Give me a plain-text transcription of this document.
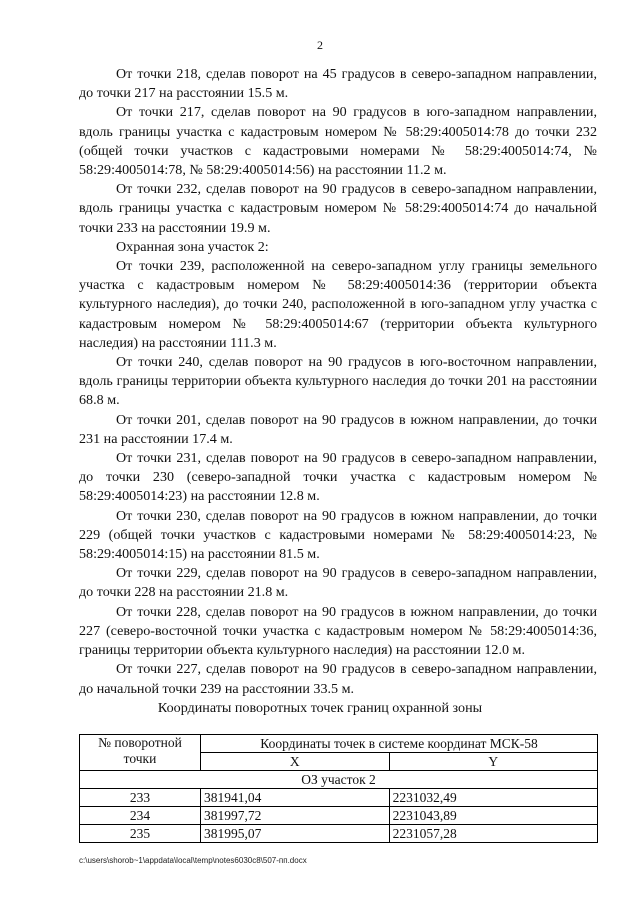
2

От точки 218, сделав поворот на 45 градусов в северо-западном направлении, до точки 217 на расстоянии 15.5 м.

От точки 217, сделав поворот на 90 градусов в юго-западном направлении, вдоль границы участка с кадастровым номером № 58:29:4005014:78 до точки 232 (общей точки участков с кадастровыми номерами № 58:29:4005014:74, № 58:29:4005014:78, № 58:29:4005014:56) на расстоянии 11.2 м.

От точки 232, сделав поворот на 90 градусов в северо-западном направлении, вдоль границы участка с кадастровым номером № 58:29:4005014:74 до начальной точки 233 на расстоянии 19.9 м.

Охранная зона участок 2:

От точки 239, расположенной на северо-западном углу границы земельного участка с кадастровым номером № 58:29:4005014:36 (территории объекта культурного наследия), до точки 240, расположенной в юго-западном углу участка с кадастровым номером № 58:29:4005014:67 (территории объекта культурного наследия) на расстоянии 111.3 м.

От точки 240, сделав поворот на 90 градусов в юго-восточном направлении, вдоль границы территории объекта культурного наследия до точки 201 на расстоянии 68.8 м.

От точки 201, сделав поворот на 90 градусов в южном направлении, до точки 231 на расстоянии 17.4 м.

От точки 231, сделав поворот на 90 градусов в северо-западном направлении, до точки 230 (северо-западной точки участка с кадастровым номером № 58:29:4005014:23) на расстоянии 12.8 м.

От точки 230, сделав поворот на 90 градусов в южном направлении, до точки 229 (общей точки участков с кадастровыми номерами № 58:29:4005014:23, № 58:29:4005014:15) на расстоянии 81.5 м.

От точки 229, сделав поворот на 90 градусов в северо-западном направлении, до точки 228 на расстоянии 21.8 м.

От точки 228, сделав поворот на 90 градусов в южном направлении, до точки 227 (северо-восточной точки участка с кадастровым номером № 58:29:4005014:36, границы территории объекта культурного наследия) на расстоянии 12.0 м.

От точки 227, сделав поворот на 90 градусов в северо-западном направлении, до начальной точки 239 на расстоянии 33.5 м.

Координаты поворотных точек границ охранной зоны
№ поворотной точки	Координаты точек в системе координат МСК-58	
	X	Y
ОЗ участок 2		
233	381941,04	2231032,49
234	381997,72	2231043,89
235	381995,07	2231057,28
c:\users\shorob~1\appdata\local\temp\notes6030c8\507-пп.docx
